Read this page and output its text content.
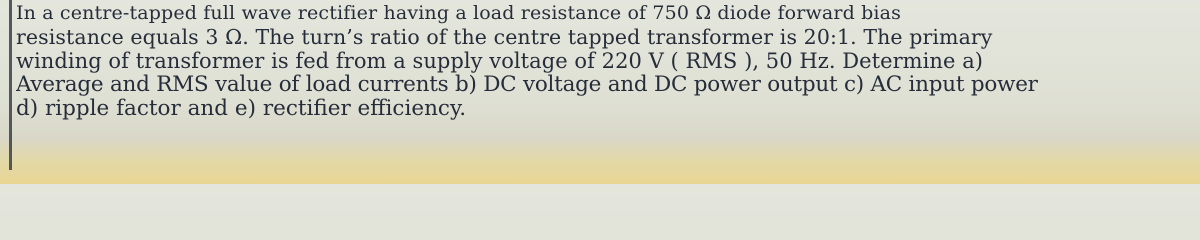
In a centre-tapped full wave rectifier having a load resistance of 750 Ω diode forward bias
resistance equals 3 Ω. The turn’s ratio of the centre tapped transformer is 20:1. The primary
winding of transformer is fed from a supply voltage of 220 V ( RMS ), 50 Hz. Determine a)
Average and RMS value of load currents b) DC voltage and DC power output c) AC input power
d) ripple factor and e) rectifier efficiency.
